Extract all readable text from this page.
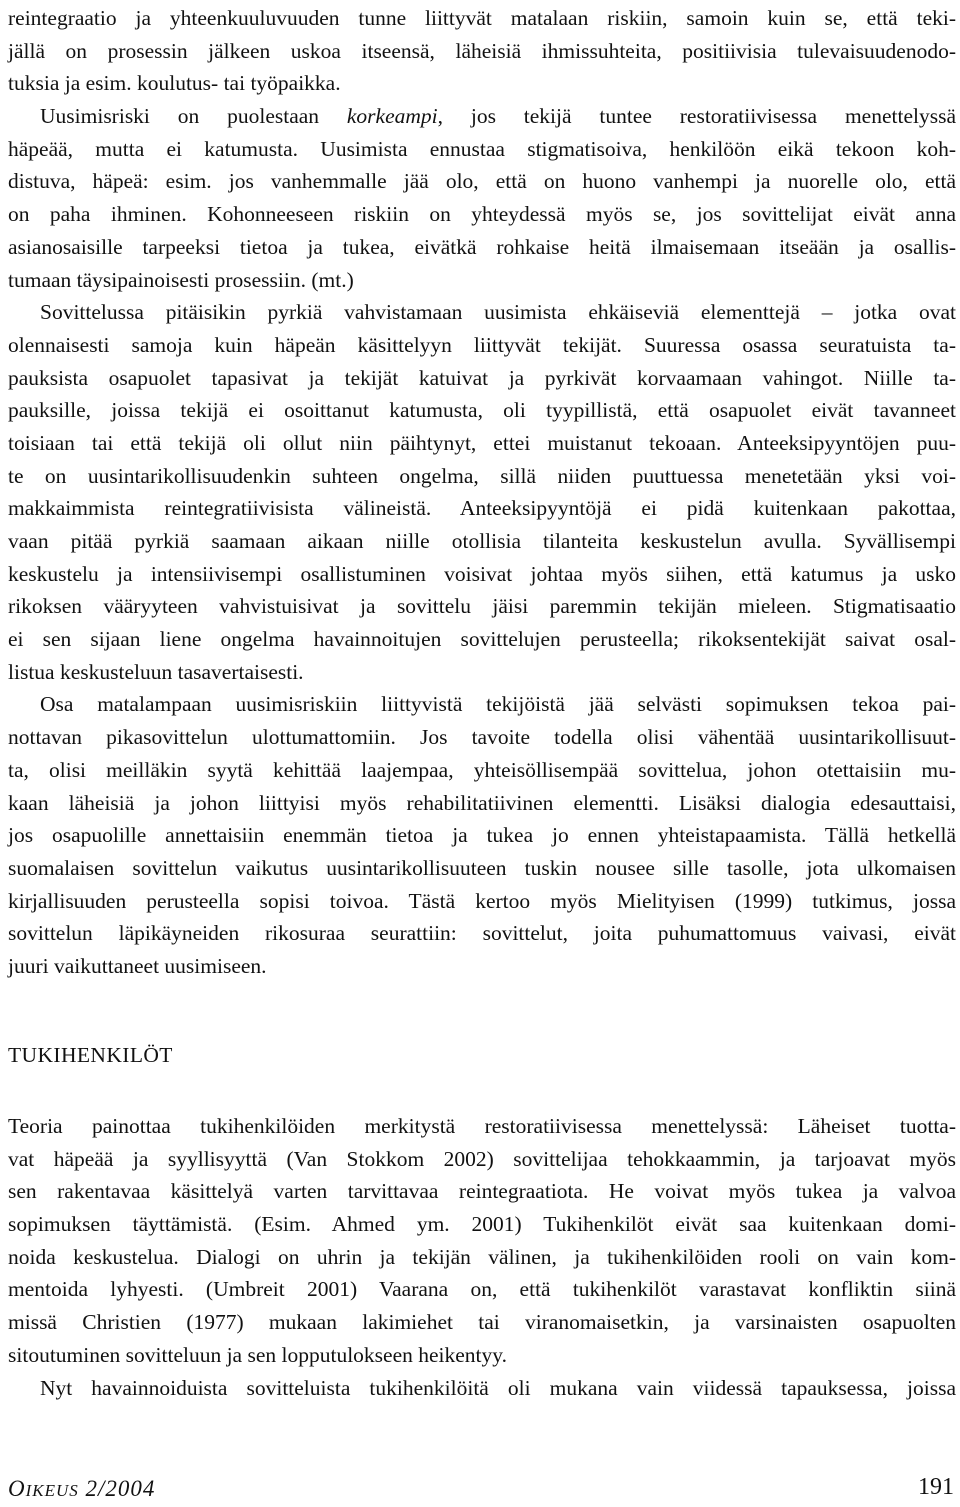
reintegraatio ja yhteenkuuluvuuden tunne liittyvät matalaan riskiin, samoin kuin se, että teki-
jällä on prosessin jälkeen uskoa itseensä, läheisiä ihmissuhteita, positiivisia tulevaisuudenodo-
tuksia ja esim. koulutus- tai työpaikka.
Uusimisriski on puolestaan korkeampi, jos tekijä tuntee restoratiivisessa menettelyssä
häpeää, mutta ei katumusta. Uusimista ennustaa stigmatisoiva, henkilöön eikä tekoon koh-
distuva, häpeä: esim. jos vanhemmalle jää olo, että on huono vanhempi ja nuorelle olo, että
on paha ihminen. Kohonneeseen riskiin on yhteydessä myös se, jos sovittelijat eivät anna
asianosaisille tarpeeksi tietoa ja tukea, eivätkä rohkaise heitä ilmaisemaan itseään ja osallis-
tumaan täysipainoisesti prosessiin. (mt.)
Sovittelussa pitäisikin pyrkiä vahvistamaan uusimista ehkäiseviä elementtejä – jotka ovat
olennaisesti samoja kuin häpeän käsittelyyn liittyvät tekijät. Suuressa osassa seuratuista ta-
pauksista osapuolet tapasivat ja tekijät katuivat ja pyrkivät korvaamaan vahingot. Niille ta-
pauksille, joissa tekijä ei osoittanut katumusta, oli tyypillistä, että osapuolet eivät tavanneet
toisiaan tai että tekijä oli ollut niin päihtynyt, ettei muistanut tekoaan. Anteeksipyyntöjen puu-
te on uusintarikollisuudenkin suhteen ongelma, sillä niiden puuttuessa menetetään yksi voi-
makkaimmista reintegratiivisista välineistä. Anteeksipyyntöjä ei pidä kuitenkaan pakottaa,
vaan pitää pyrkiä saamaan aikaan niille otollisia tilanteita keskustelun avulla. Syvällisempi
keskustelu ja intensiivisempi osallistuminen voisivat johtaa myös siihen, että katumus ja usko
rikoksen vääryyteen vahvistuisivat ja sovittelu jäisi paremmin tekijän mieleen. Stigmatisaatio
ei sen sijaan liene ongelma havainnoitujen sovittelujen perusteella; rikoksentekijät saivat osal-
listua keskusteluun tasavertaisesti.
Osa matalampaan uusimisriskiin liittyvistä tekijöistä jää selvästi sopimuksen tekoa pai-
nottavan pikasovittelun ulottumattomiin. Jos tavoite todella olisi vähentää uusintarikollisuut-
ta, olisi meilläkin syytä kehittää laajempaa, yhteisöllisempää sovittelua, johon otettaisiin mu-
kaan läheisiä ja johon liittyisi myös rehabilitatiivinen elementti. Lisäksi dialogia edesauttaisi,
jos osapuolille annettaisiin enemmän tietoa ja tukea jo ennen yhteistapaamista. Tällä hetkellä
suomalaisen sovittelun vaikutus uusintarikollisuuteen tuskin nousee sille tasolle, jota ulkomaisen
kirjallisuuden perusteella sopisi toivoa. Tästä kertoo myös Mielityisen (1999) tutkimus, jossa
sovittelun läpikäyneiden rikosuraa seurattiin: sovittelut, joita puhumattomuus vaivasi, eivät
juuri vaikuttaneet uusimiseen.
TUKIHENKILÖT
Teoria painottaa tukihenkilöiden merkitystä restoratiivisessa menettelyssä: Läheiset tuotta-
vat häpeää ja syyllisyyttä (Van Stokkom 2002) sovittelijaa tehokkaammin, ja tarjoavat myös
sen rakentavaa käsittelyä varten tarvittavaa reintegraatiota. He voivat myös tukea ja valvoa
sopimuksen täyttämistä. (Esim. Ahmed ym. 2001) Tukihenkilöt eivät saa kuitenkaan domi-
noida keskustelua. Dialogi on uhrin ja tekijän välinen, ja tukihenkilöiden rooli on vain kom-
mentoida lyhyesti. (Umbreit 2001) Vaarana on, että tukihenkilöt varastavat konfliktin siinä
missä Christien (1977) mukaan lakimiehet tai viranomaisetkin, ja varsinaisten osapuolten
sitoutuminen sovitteluun ja sen lopputulokseen heikentyy.
Nyt havainnoiduista sovitteluista tukihenkilöitä oli mukana vain viidessä tapauksessa, joissa
OIKEUS 2/2004	191
